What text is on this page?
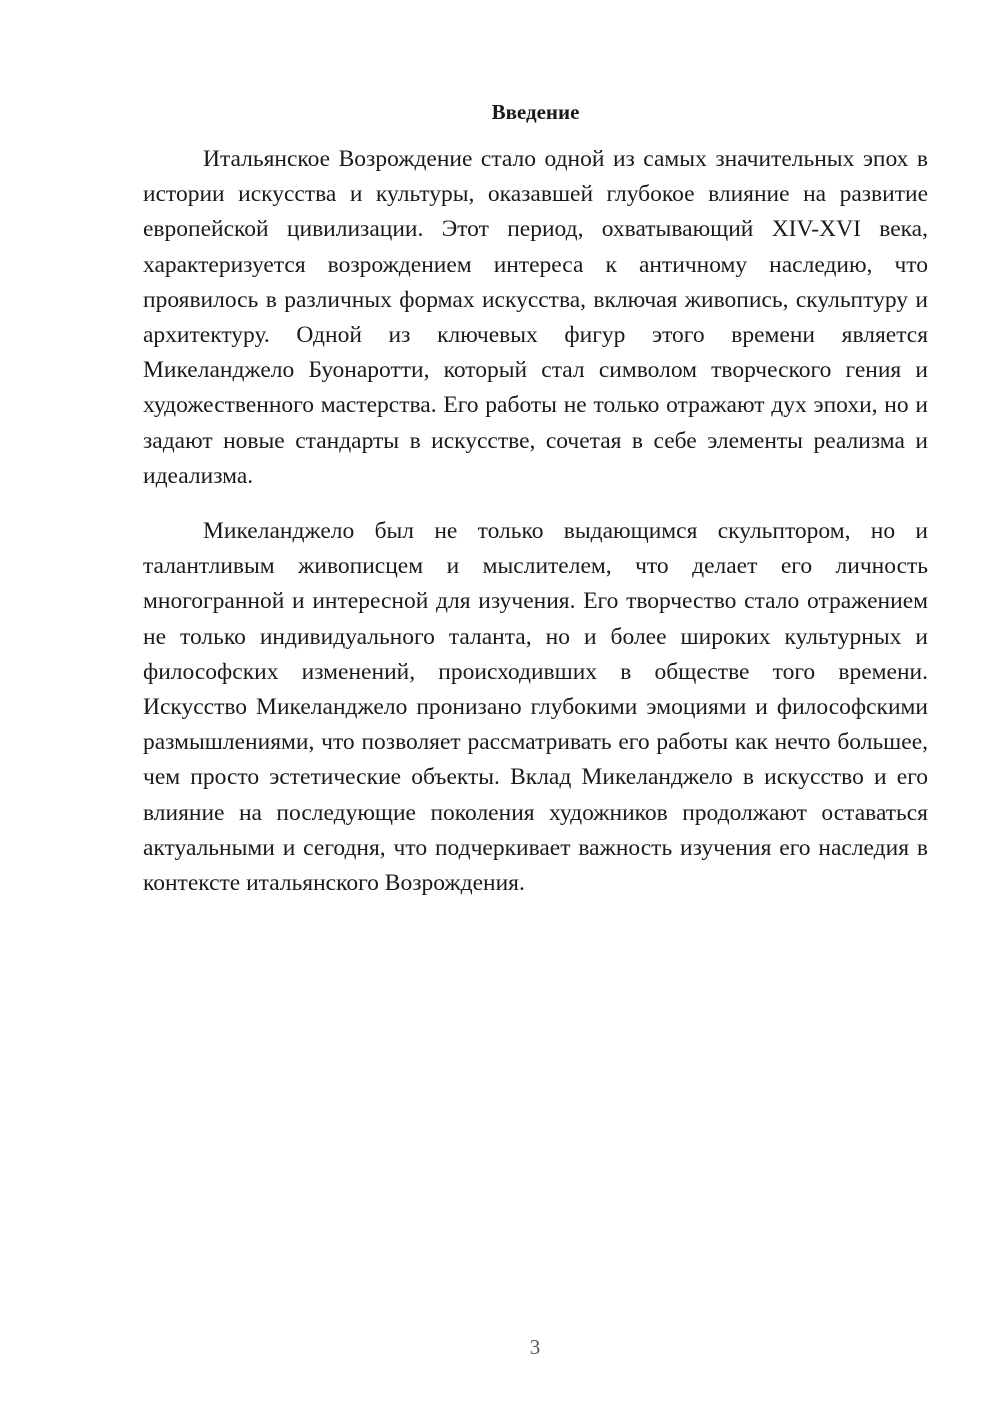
Введение

Итальянское Возрождение стало одной из самых значительных эпох в истории искусства и культуры, оказавшей глубокое влияние на развитие европейской цивилизации. Этот период, охватывающий XIV-XVI века, характеризуется возрождением интереса к античному наследию, что проявилось в различных формах искусства, включая живопись, скульптуру и архитектуру. Одной из ключевых фигур этого времени является Микеланджело Буонаротти, который стал символом творческого гения и художественного мастерства. Его работы не только отражают дух эпохи, но и задают новые стандарты в искусстве, сочетая в себе элементы реализма и идеализма.

Микеланджело был не только выдающимся скульптором, но и талантливым живописцем и мыслителем, что делает его личность многогранной и интересной для изучения. Его творчество стало отражением не только индивидуального таланта, но и более широких культурных и философских изменений, происходивших в обществе того времени. Искусство Микеланджело пронизано глубокими эмоциями и философскими размышлениями, что позволяет рассматривать его работы как нечто большее, чем просто эстетические объекты. Вклад Микеланджело в искусство и его влияние на последующие поколения художников продолжают оставаться актуальными и сегодня, что подчеркивает важность изучения его наследия в контексте итальянского Возрождения.

3
